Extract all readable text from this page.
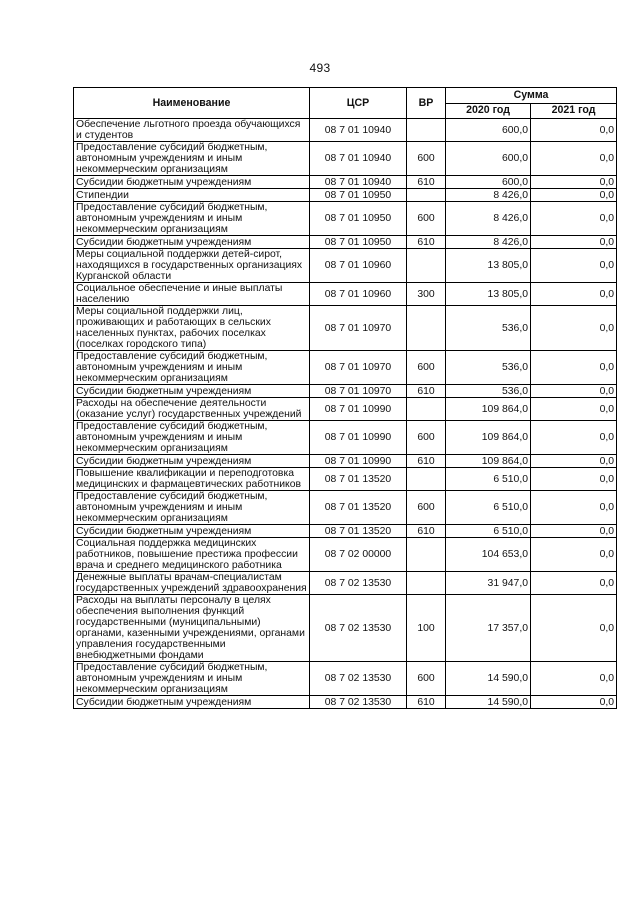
493
Наименование	ЦСР	ВР	Сумма	
			2020 год	2021 год
Обеспечение льготного проезда обучающихся и студентов	08 7 01 10940		600,0	0,0
Предоставление субсидий бюджетным, автономным учреждениям и иным некоммерческим организациям	08 7 01 10940	600	600,0	0,0
Субсидии бюджетным учреждениям	08 7 01 10940	610	600,0	0,0
Стипендии	08 7 01 10950		8 426,0	0,0
Предоставление субсидий бюджетным, автономным учреждениям и иным некоммерческим организациям	08 7 01 10950	600	8 426,0	0,0
Субсидии бюджетным учреждениям	08 7 01 10950	610	8 426,0	0,0
Меры социальной поддержки детей-сирот, находящихся в государственных организациях Курганской области	08 7 01 10960		13 805,0	0,0
Социальное обеспечение и иные выплаты населению	08 7 01 10960	300	13 805,0	0,0
Меры социальной поддержки лиц, проживающих и работающих в сельских населенных пунктах, рабочих поселках (поселках городского типа)	08 7 01 10970		536,0	0,0
Предоставление субсидий бюджетным, автономным учреждениям и иным некоммерческим организациям	08 7 01 10970	600	536,0	0,0
Субсидии бюджетным учреждениям	08 7 01 10970	610	536,0	0,0
Расходы на обеспечение деятельности (оказание услуг) государственных учреждений	08 7 01 10990		109 864,0	0,0
Предоставление субсидий бюджетным, автономным учреждениям и иным некоммерческим организациям	08 7 01 10990	600	109 864,0	0,0
Субсидии бюджетным учреждениям	08 7 01 10990	610	109 864,0	0,0
Повышение квалификации и переподготовка медицинских и фармацевтических работников	08 7 01 13520		6 510,0	0,0
Предоставление субсидий бюджетным, автономным учреждениям и иным некоммерческим организациям	08 7 01 13520	600	6 510,0	0,0
Субсидии бюджетным учреждениям	08 7 01 13520	610	6 510,0	0,0
Социальная поддержка медицинских работников, повышение престижа профессии врача и среднего медицинского работника	08 7 02 00000		104 653,0	0,0
Денежные выплаты врачам-специалистам государственных учреждений здравоохранения	08 7 02 13530		31 947,0	0,0
Расходы на выплаты персоналу в целях обеспечения выполнения функций государственными (муниципальными) органами, казенными учреждениями, органами управления государственными внебюджетными фондами	08 7 02 13530	100	17 357,0	0,0
Предоставление субсидий бюджетным, автономным учреждениям и иным некоммерческим организациям	08 7 02 13530	600	14 590,0	0,0
Субсидии бюджетным учреждениям	08 7 02 13530	610	14 590,0	0,0
